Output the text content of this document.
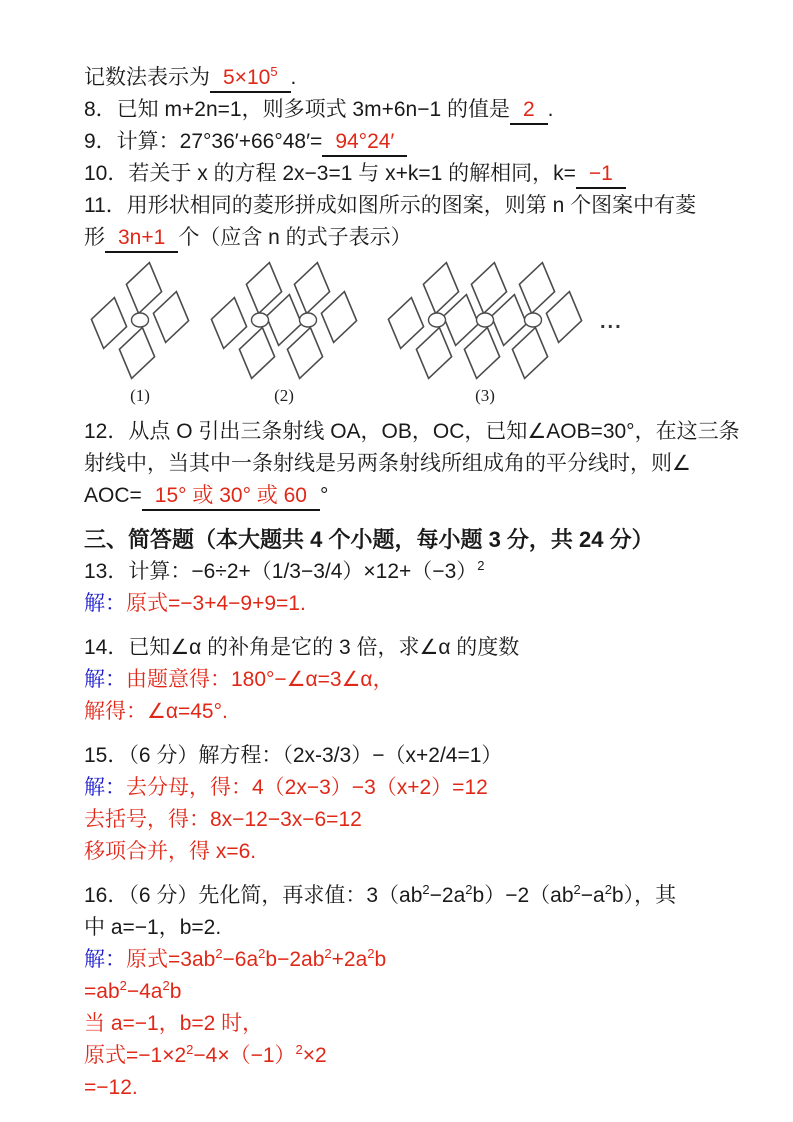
记数法表示为 $5\times 10^5$ .

8．已知 m+2n=1，则多项式 3m+6n−1 的值是 2 .

9．计算：27°36′+66°48′= 94°24′

10．若关于 x 的方程 2x−3=1 与 x+k=1 的解相同，k= −1

11．用形状相同的菱形拼成如图所示的图案，则第 n 个图案中有菱

形 3n+1 个（应含 n 的式子表示）

(1)	(2)	(3)
...

12．从点 O 引出三条射线 OA，OB，OC，已知∠AOB=30°，在这三条

射线中，当其中一条射线是另两条射线所组成角的平分线时，则∠

AOC= 15° 或 30° 或 60 °

三、简答题（本大题共 4 个小题，每小题 3 分，共 24 分）

13．计算：$-6\div 2+(1/3-3/4)\times 12+(-3)^2$

解：原式=−3+4−9+9=1.

14．已知∠α 的补角是它的 3 倍，求∠α 的度数

解：由题意得：180°−∠α=3∠α，

解得：∠α=45°.

15．（6 分）解方程：（2x-3/3）−（x+2/4=1）

解：去分母，得：4（2x−3）−3（x+2）=12

去括号，得：8x−12−3x−6=12

移项合并，得 x=6.

16．（6 分）先化简，再求值：$3(ab^2-2a^2b)-2(ab^2-a^2b)$，其

中 a=−1，b=2.

解：原式$=3ab^2-6a^2b-2ab^2+2a^2b$

$=ab^2-4a^2b$

当 a=−1，b=2 时，

原式$=-1\times 2^2-4\times(-1)^2\times 2$

=−12.
